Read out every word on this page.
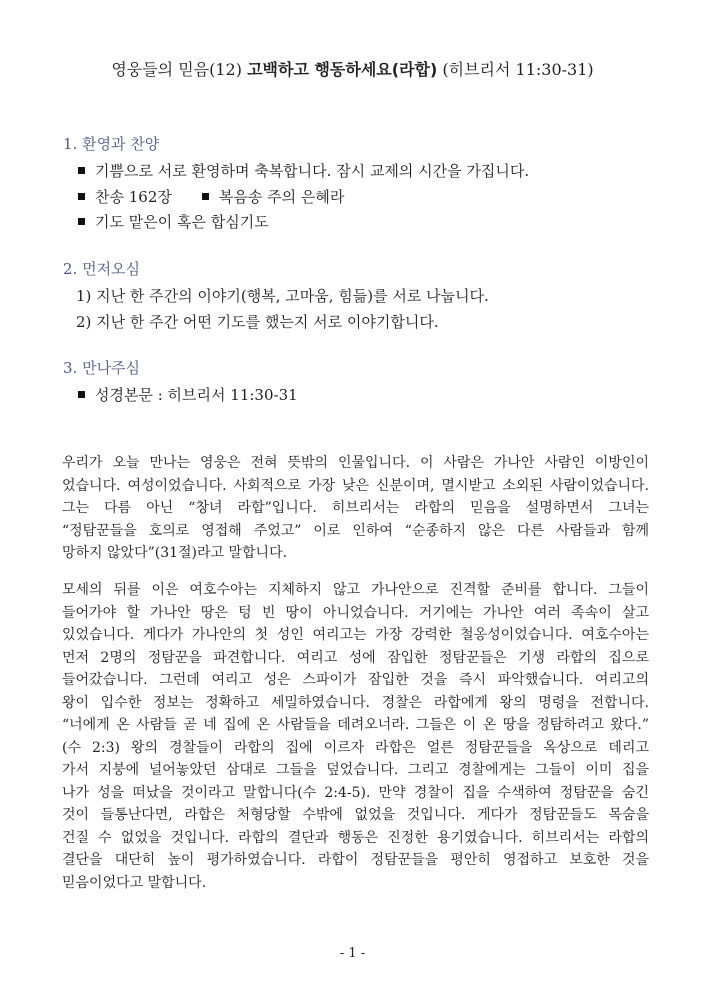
영웅들의 믿음(12) 고백하고 행동하세요(라합) (히브리서 11:30-31)
1. 환영과 찬양
기쁨으로 서로 환영하며 축복합니다. 잠시 교제의 시간을 가집니다.
찬송 162장	복음송 주의 은혜라
기도 맡은이 혹은 합심기도
2. 먼저오심
1) 지난 한 주간의 이야기(행복, 고마움, 힘듦)를 서로 나눕니다.
2) 지난 한 주간 어떤 기도를 했는지 서로 이야기합니다.
3. 만나주심
성경본문 : 히브리서 11:30-31
우리가 오늘 만나는 영웅은 전혀 뜻밖의 인물입니다. 이 사람은 가나안 사람인 이방인이
었습니다. 여성이었습니다. 사회적으로 가장 낮은 신분이며, 멸시받고 소외된 사람이었습니다.
그는 다름 아닌 “창녀 라합”입니다. 히브리서는 라합의 믿음을 설명하면서 그녀는
“정탐꾼들을 호의로 영접해 주었고” 이로 인하여 “순종하지 않은 다른 사람들과 함께
망하지 않았다”(31절)라고 말합니다.
모세의 뒤를 이은 여호수아는 지체하지 않고 가나안으로 진격할 준비를 합니다. 그들이
들어가야 할 가나안 땅은 텅 빈 땅이 아니었습니다. 거기에는 가나안 여러 족속이 살고
있었습니다. 게다가 가나안의 첫 성인 여리고는 가장 강력한 철옹성이었습니다. 여호수아는
먼저 2명의 정탐꾼을 파견합니다. 여리고 성에 잠입한 정탐꾼들은 기생 라합의 집으로
들어갔습니다. 그런데 여리고 성은 스파이가 잠입한 것을 즉시 파악했습니다. 여리고의
왕이 입수한 정보는 정확하고 세밀하였습니다. 경찰은 라합에게 왕의 명령을 전합니다.
“너에게 온 사람들 곧 네 집에 온 사람들을 데려오너라. 그들은 이 온 땅을 정탐하려고 왔다.”
(수 2:3) 왕의 경찰들이 라합의 집에 이르자 라합은 얼른 정탐꾼들을 옥상으로 데리고
가서 지붕에 널어놓았던 삼대로 그들을 덮었습니다. 그리고 경찰에게는 그들이 이미 집을
나가 성을 떠났을 것이라고 말합니다(수 2:4-5). 만약 경찰이 집을 수색하여 정탐꾼을 숨긴
것이 들통난다면, 라합은 처형당할 수밖에 없었을 것입니다. 게다가 정탐꾼들도 목숨을
건질 수 없었을 것입니다. 라합의 결단과 행동은 진정한 용기였습니다. 히브리서는 라합의
결단을 대단히 높이 평가하였습니다. 라합이 정탐꾼들을 평안히 영접하고 보호한 것을
믿음이었다고 말합니다.
- 1 -
